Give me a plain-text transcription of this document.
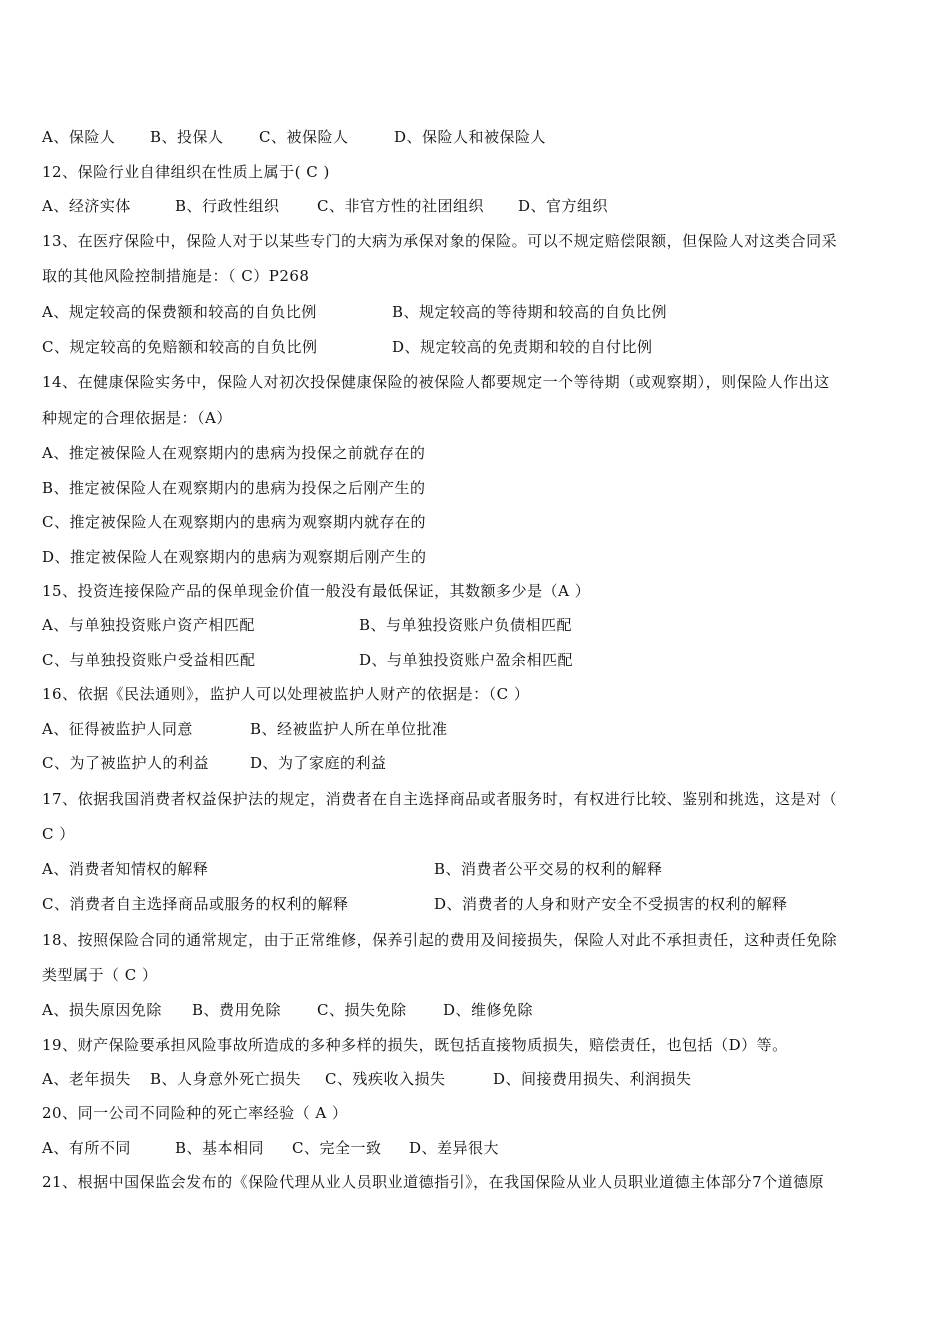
A、保险人 B、投保人 C、被保险人	D、保险人和被保险人
12、保险行业自律组织在性质上属于( C )
A、经济实体	B、行政性组织 C、非官方性的社团组织 D、官方组织
13、在医疗保险中，保险人对于以某些专门的大病为承保对象的保险。可以不规定赔偿限额，但保险人对这类合同采
取的其他风险控制措施是：（ C）P268
A、规定较高的保费额和较高的自负比例	B、规定较高的等待期和较高的自负比例
C、规定较高的免赔额和较高的自负比例	D、规定较高的免责期和较的自付比例
14、在健康保险实务中，保险人对初次投保健康保险的被保险人都要规定一个等待期（或观察期），则保险人作出这
种规定的合理依据是：（A）
A、推定被保险人在观察期内的患病为投保之前就存在的
B、推定被保险人在观察期内的患病为投保之后刚产生的
C、推定被保险人在观察期内的患病为观察期内就存在的
D、推定被保险人在观察期内的患病为观察期后刚产生的
15、投资连接保险产品的保单现金价值一般没有最低保证，其数额多少是（A ）
A、与单独投资账户资产相匹配	B、与单独投资账户负债相匹配
C、与单独投资账户受益相匹配	D、与单独投资账户盈余相匹配
16、依据《民法通则》，监护人可以处理被监护人财产的依据是：（C ）
A、征得被监护人同意	B、经被监护人所在单位批准
C、为了被监护人的利益	D、为了家庭的利益
17、依据我国消费者权益保护法的规定，消费者在自主选择商品或者服务时，有权进行比较、鉴别和挑选，这是对（
C ）
A、消费者知情权的解释	B、消费者公平交易的权利的解释
C、消费者自主选择商品或服务的权利的解释	D、消费者的人身和财产安全不受损害的权利的解释
18、按照保险合同的通常规定，由于正常维修，保养引起的费用及间接损失，保险人对此不承担责任，这种责任免除
类型属于（ C ）
A、损失原因免除 B、费用免除 C、损失免除 D、维修免除
19、财产保险要承担风险事故所造成的多种多样的损失，既包括直接物质损失，赔偿责任，也包括（D）等。
A、老年损失 B、人身意外死亡损失 C、残疾收入损失	D、间接费用损失、利润损失
20、同一公司不同险种的死亡率经验（ A ）
A、有所不同	B、基本相同 C、完全一致 D、差异很大
21、根据中国保监会发布的《保险代理从业人员职业道德指引》，在我国保险从业人员职业道德主体部分7个道德原
